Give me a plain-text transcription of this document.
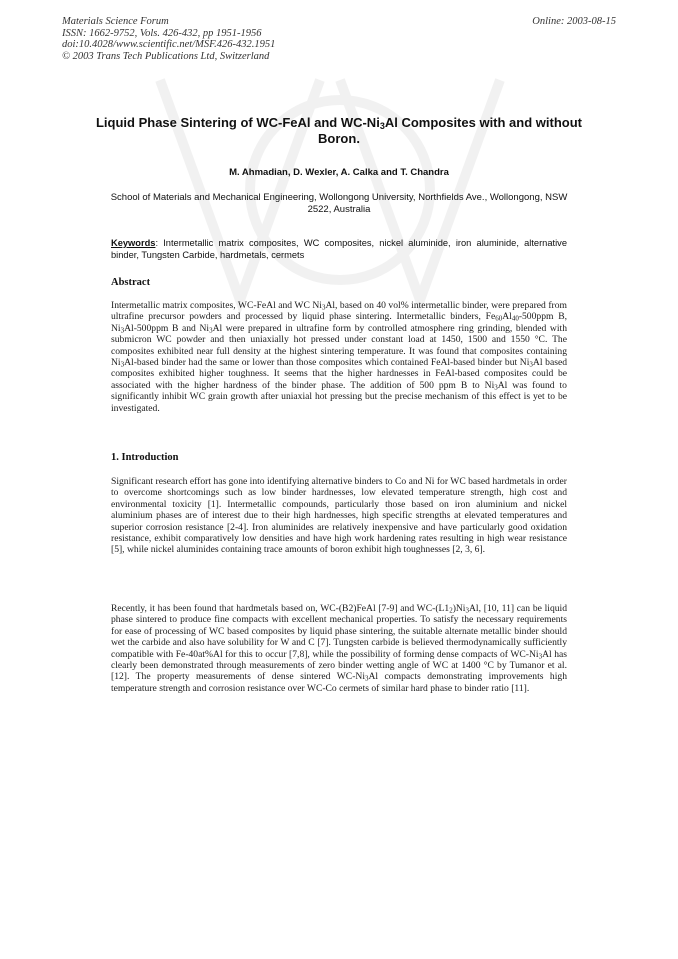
Materials Science Forum
ISSN: 1662-9752, Vols. 426-432, pp 1951-1956
doi:10.4028/www.scientific.net/MSF.426-432.1951
© 2003 Trans Tech Publications Ltd, Switzerland
Online: 2003-08-15
Liquid Phase Sintering of WC-FeAl and $WC-Ni_3Al$ Composites with and without Boron.
M. Ahmadian, D. Wexler, A. Calka and T. Chandra
School of Materials and Mechanical Engineering, Wollongong University, Northfields Ave., Wollongong, NSW 2522, Australia
Keywords: Intermetallic matrix composites, WC composites, nickel aluminide, iron aluminide, alternative binder, Tungsten Carbide, hardmetals, cermets
Abstract
Intermetallic matrix composites, WC-FeAl and WC $Ni_3Al$, based on 40 vol% intermetallic binder, were prepared from ultrafine precursor powders and processed by liquid phase sintering. Intermetallic binders, $Fe_{60}Al_{40}-500ppm$ B, $Ni_3Al-500ppm$ B and $Ni_3Al$ were prepared in ultrafine form by controlled atmosphere ring grinding, blended with submicron WC powder and then uniaxially hot pressed under constant load at 1450, 1500 and 1550 °C. The composites exhibited near full density at the highest sintering temperature. It was found that composites containing $Ni_3Al$-based binder had the same or lower than those composites which contained FeAl-based binder but $Ni_3Al$ based composites exhibited higher toughness. It seems that the higher hardnesses in FeAl-based composites could be associated with the higher hardness of the binder phase. The addition of 500 ppm B to $Ni_3Al$ was found to significantly inhibit WC grain growth after uniaxial hot pressing but the precise mechanism of this effect is yet to be investigated.
1. Introduction
Significant research effort has gone into identifying alternative binders to Co and Ni for WC based hardmetals in order to overcome shortcomings such as low binder hardnesses, low elevated temperature strength, high cost and environmental toxicity [1]. Intermetallic compounds, particularly those based on iron aluminium and nickel aluminium phases are of interest due to their high hardnesses, high specific strengths at elevated temperatures and superior corrosion resistance [2-4]. Iron aluminides are relatively inexpensive and have particularly good oxidation resistance, exhibit comparatively low densities and have high work hardening rates resulting in high wear resistance [5], while nickel aluminides containing trace amounts of boron exhibit high toughnesses [2, 3, 6].
Recently, it has been found that hardmetals based on, WC-(B2)FeAl [7-9] and $WC-(L1_2)Ni_3Al$, [10, 11] can be liquid phase sintered to produce fine compacts with excellent mechanical properties. To satisfy the necessary requirements for ease of processing of WC based composites by liquid phase sintering, the suitable alternate metallic binder should wet the carbide and also have solubility for W and C [7]. Tungsten carbide is believed thermodynamically sufficiently compatible with Fe-40at%Al for this to occur [7,8], while the possibility of forming dense compacts of $WC-Ni_3Al$ has clearly been demonstrated through measurements of zero binder wetting angle of WC at 1400 °C by Tumanor et al. [12]. The property measurements of dense sintered $WC-Ni_3Al$ compacts demonstrating improvements high temperature strength and corrosion resistance over WC-Co cermets of similar hard phase to binder ratio [11].
